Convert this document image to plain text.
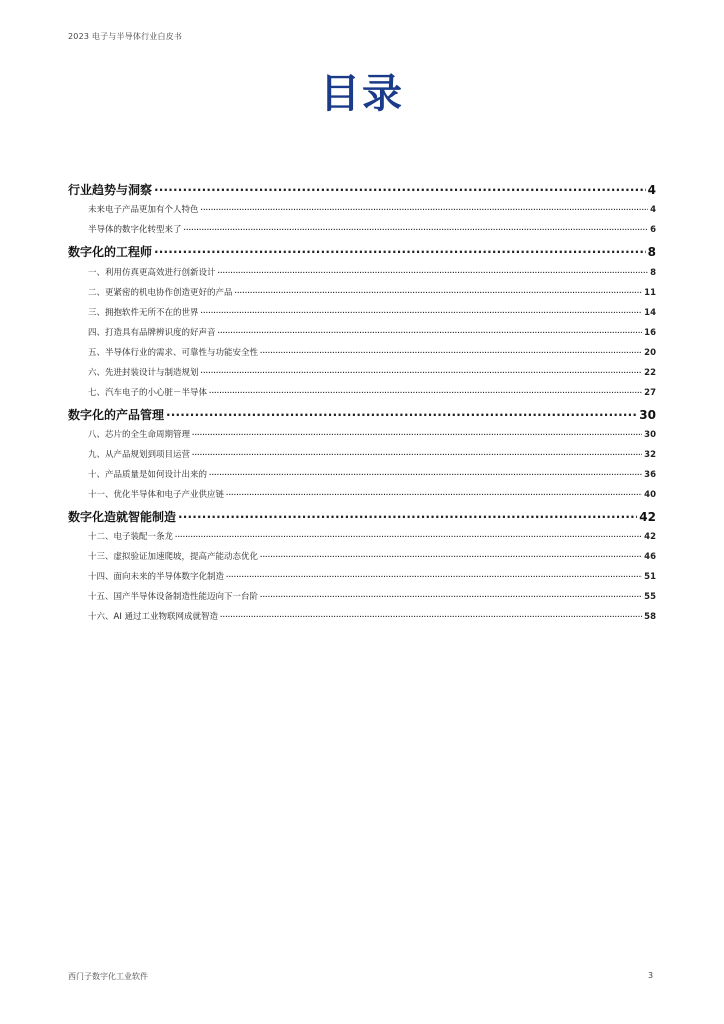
2023 电子与半导体行业白皮书
目录
行业趋势与洞察 .....	4
未来电子产品更加有个人特色 .....	4
半导体的数字化转型来了 .....	6
数字化的工程师 .....	8
一、利用仿真更高效进行创新设计 .....	8
二、更紧密的机电协作创造更好的产品 .....	11
三、拥抱软件无所不在的世界 .....	14
四、打造具有品牌辨识度的好声音 .....	16
五、半导体行业的需求、可靠性与功能安全性 .....	20
六、先进封装设计与制造规划 .....	22
七、汽车电子的小心脏－半导体 .....	27
数字化的产品管理 .....	30
八、芯片的全生命周期管理 .....	30
九、从产品规划到项目运营 .....	32
十、产品质量是如何设计出来的 .....	36
十一、优化半导体和电子产业供应链 .....	40
数字化造就智能制造 .....	42
十二、电子装配一条龙 .....	42
十三、虚拟验证加速爬坡，提高产能动态优化 .....	46
十四、面向未来的半导体数字化制造 .....	51
十五、国产半导体设备制造性能迈向下一台阶 .....	55
十六、AI 通过工业物联网成就智造 .....	58
西门子数字化工业软件	3
